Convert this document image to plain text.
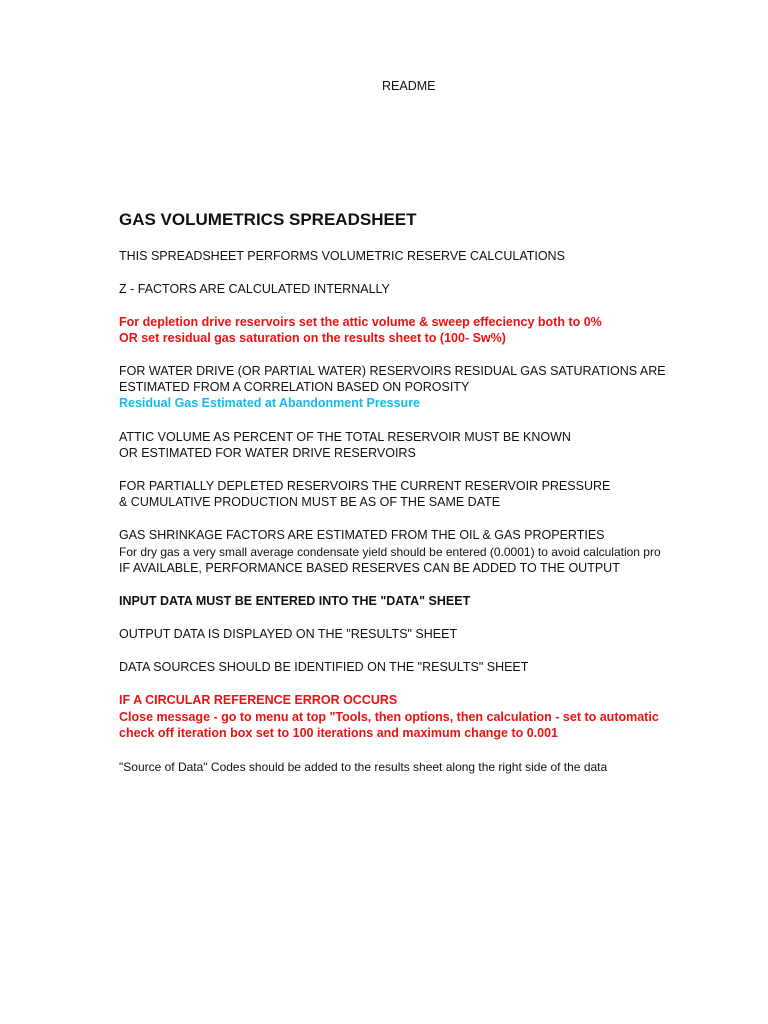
README
GAS VOLUMETRICS SPREADSHEET
THIS SPREADSHEET PERFORMS VOLUMETRIC RESERVE CALCULATIONS
Z - FACTORS ARE CALCULATED INTERNALLY
For depletion drive reservoirs set the attic volume & sweep effeciency both to 0%
OR set residual gas saturation on the results sheet to (100- Sw%)
FOR WATER DRIVE (OR PARTIAL WATER) RESERVOIRS RESIDUAL GAS SATURATIONS ARE
ESTIMATED FROM A CORRELATION BASED ON POROSITY
Residual Gas Estimated at Abandonment Pressure
ATTIC VOLUME AS PERCENT OF THE TOTAL RESERVOIR MUST BE KNOWN
OR ESTIMATED FOR WATER DRIVE RESERVOIRS
FOR PARTIALLY DEPLETED RESERVOIRS THE CURRENT RESERVOIR PRESSURE
& CUMULATIVE PRODUCTION MUST BE AS OF THE SAME DATE
GAS SHRINKAGE FACTORS ARE ESTIMATED FROM THE OIL & GAS PROPERTIES
For dry gas a very small average condensate yield should be entered (0.0001) to avoid calculation pro
IF AVAILABLE, PERFORMANCE BASED RESERVES CAN BE ADDED TO THE OUTPUT
INPUT DATA MUST BE ENTERED INTO THE "DATA" SHEET
OUTPUT DATA IS DISPLAYED ON THE "RESULTS" SHEET
DATA SOURCES SHOULD BE IDENTIFIED ON THE "RESULTS" SHEET
IF A CIRCULAR REFERENCE ERROR OCCURS
Close message - go to menu at top "Tools, then options, then calculation - set to automatic
check off iteration box set to 100 iterations and maximum change to 0.001
"Source of Data" Codes should be added to the results sheet along the right side of the data
